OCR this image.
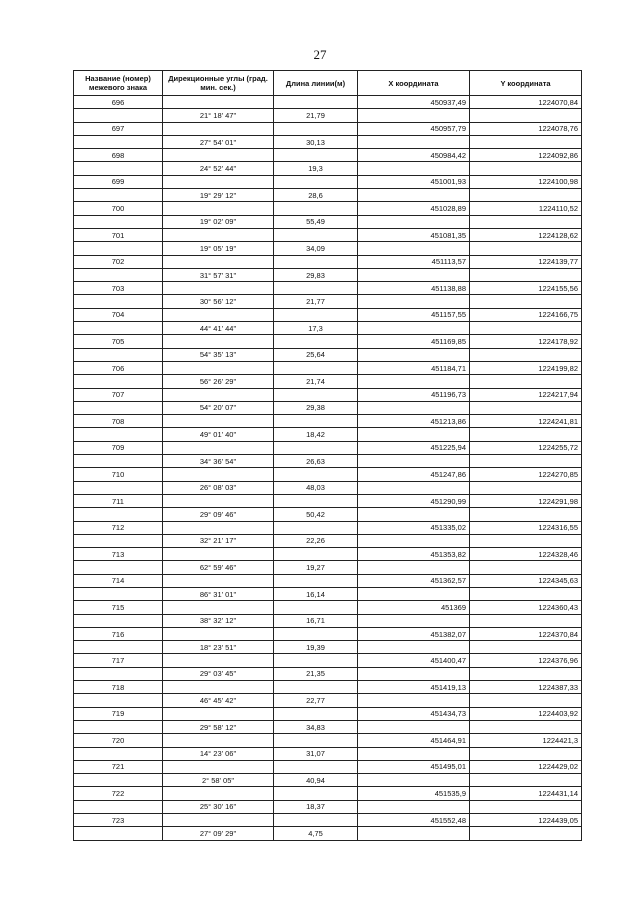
27
Название (номер) межевого знака	Дирекционные углы (град. мин. сек.)	Длина линии(м)	X координата	Y координата
696			450937,49	1224070,84
	21° 18' 47"	21,79		
697			450957,79	1224078,76
	27° 54' 01"	30,13		
698			450984,42	1224092,86
	24° 52' 44"	19,3		
699			451001,93	1224100,98
	19° 29' 12"	28,6		
700			451028,89	1224110,52
	19° 02' 09"	55,49		
701			451081,35	1224128,62
	19° 05' 19"	34,09		
702			451113,57	1224139,77
	31° 57' 31"	29,83		
703			451138,88	1224155,56
	30° 56' 12"	21,77		
704			451157,55	1224166,75
	44° 41' 44"	17,3		
705			451169,85	1224178,92
	54° 35' 13"	25,64		
706			451184,71	1224199,82
	56° 26' 29"	21,74		
707			451196,73	1224217,94
	54° 20' 07"	29,38		
708			451213,86	1224241,81
	49° 01' 40"	18,42		
709			451225,94	1224255,72
	34° 36' 54"	26,63		
710			451247,86	1224270,85
	26° 08' 03"	48,03		
711			451290,99	1224291,98
	29° 09' 46"	50,42		
712			451335,02	1224316,55
	32° 21' 17"	22,26		
713			451353,82	1224328,46
	62° 59' 46"	19,27		
714			451362,57	1224345,63
	86° 31' 01"	16,14		
715			451369	1224360,43
	38° 32' 12"	16,71		
716			451382,07	1224370,84
	18° 23' 51"	19,39		
717			451400,47	1224376,96
	29° 03' 45"	21,35		
718			451419,13	1224387,33
	46° 45' 42"	22,77		
719			451434,73	1224403,92
	29° 58' 12"	34,83		
720			451464,91	1224421,3
	14° 23' 06"	31,07		
721			451495,01	1224429,02
	2° 58' 05"	40,94		
722			451535,9	1224431,14
	25° 30' 16"	18,37		
723			451552,48	1224439,05
	27° 09' 29"	4,75		
